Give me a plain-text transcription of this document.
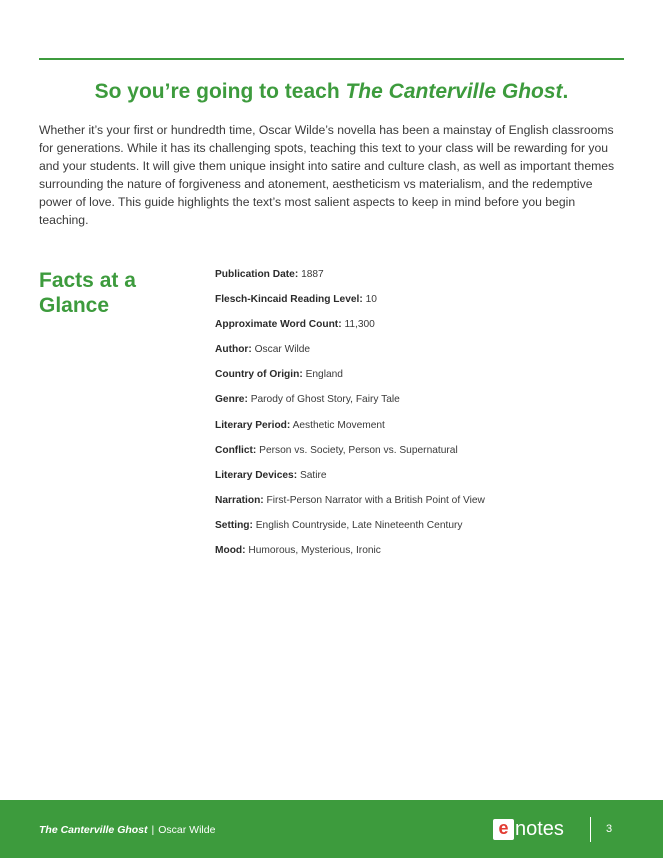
So you’re going to teach The Canterville Ghost.

Whether it’s your first or hundredth time, Oscar Wilde’s novella has been a mainstay of English classrooms for generations. While it has its challenging spots, teaching this text to your class will be rewarding for you and your students. It will give them unique insight into satire and culture clash, as well as important themes surrounding the nature of forgiveness and atonement, aestheticism vs materialism, and the redemptive power of love. This guide highlights the text’s most salient aspects to keep in mind before you begin teaching.

Facts at a Glance
Publication Date: 1887
Flesch-Kincaid Reading Level: 10
Approximate Word Count: 11,300
Author: Oscar Wilde
Country of Origin: England
Genre: Parody of Ghost Story, Fairy Tale
Literary Period: Aesthetic Movement
Conflict: Person vs. Society, Person vs. Supernatural
Literary Devices: Satire
Narration: First-Person Narrator with a British Point of View
Setting: English Countryside, Late Nineteenth Century
Mood: Humorous, Mysterious, Ironic
The Canterville Ghost | Oscar Wilde	e notes	3
